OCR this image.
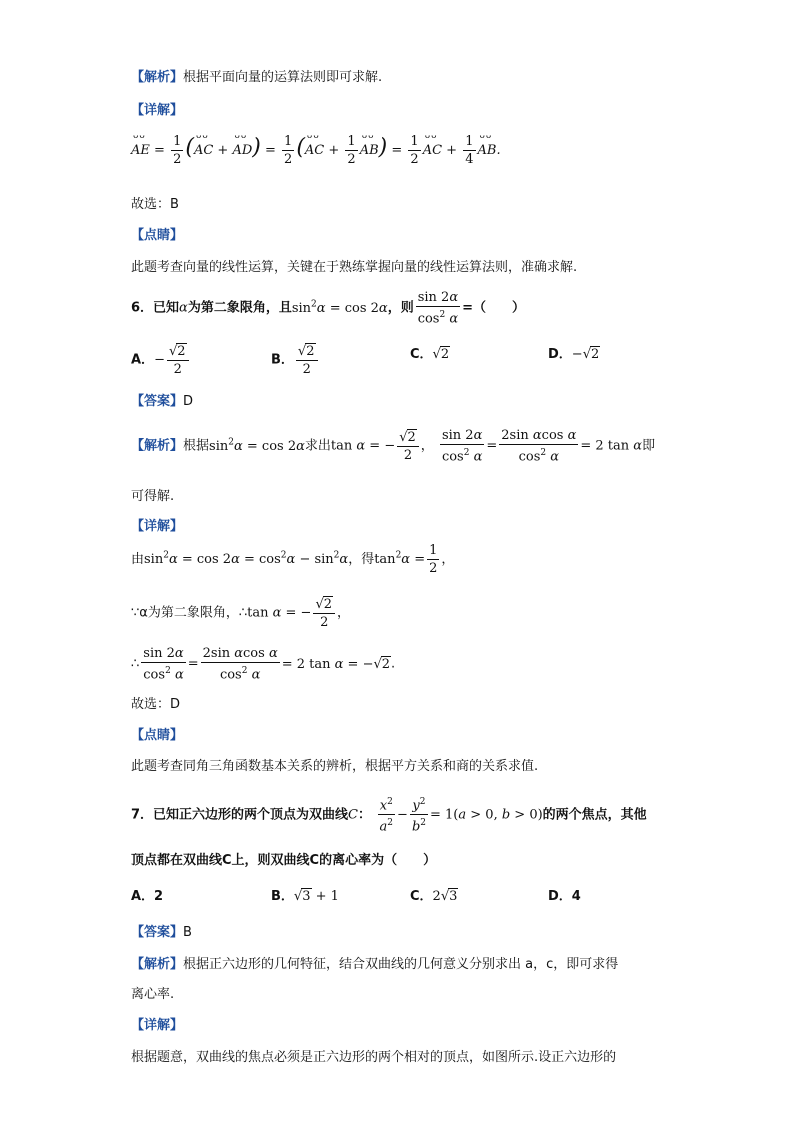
【解析】根据平面向量的运算法则即可求解.
【详解】
ᴗᴗ AE = $\frac{1}{2}$ (ᴗᴗ AC + ᴗᴗ $AD) = \frac{1}{2}$ (ᴗᴗ AC + $\frac{1}{2}$ ᴗᴗ $AB) = \frac{1}{2}$ ᴗᴗ AC + $\frac{1}{4}$ ᴗᴗ AB.
故选：B
【点睛】
此题考查向量的线性运算，关键在于熟练掌握向量的线性运算法则，准确求解.
6．已知α为第二象限角，且$\sin^2\alpha = \cos 2\alpha$，则 $\frac{\sin 2\alpha}{\cos^2 \alpha}$ =（　　）
A．− $\frac{√2}{2}$	B． $\frac{√2}{2}$	C．√2	D．−√2
【答案】D
【解析】根据$\sin^2\alpha = \cos 2\alpha$求出tan α = − $\frac{√2}{2}$ ， $\frac{\sin 2\alpha}{\cos^2 \alpha} = \frac{\text{2sin αcos α}}{\cos^2 \alpha} = 2$ tan α即
可得解.
【详解】
由$\sin^2\alpha = \cos 2\alpha = \cos^2\alpha - \sin^2\alpha$，得$\tan^2\alpha = \frac{1}{2}$ ，
∵α为第二象限角，∴tan α = − $\frac{√2}{2}$ ，
∴ $\frac{\sin 2\alpha}{\cos^2 \alpha} = \frac{\text{2sin αcos α}}{\cos^2 \alpha} = 2$ tan α = −√2.
故选：D
【点睛】
此题考查同角三角函数基本关系的辨析，根据平方关系和商的关系求值.
7．已知正六边形的两个顶点为双曲线C： $\frac{x^2}{a^2} - \frac{y^2}{b^2} = 1(a > 0$, b > 0)的两个焦点，其他
顶点都在双曲线C上，则双曲线C的离心率为（　　）
A．2	B．√3 + 1	C．2√3	D．4
【答案】B
【解析】根据正六边形的几何特征，结合双曲线的几何意义分别求出 a，c，即可求得
离心率.
【详解】
根据题意，双曲线的焦点必须是正六边形的两个相对的顶点，如图所示.设正六边形的
